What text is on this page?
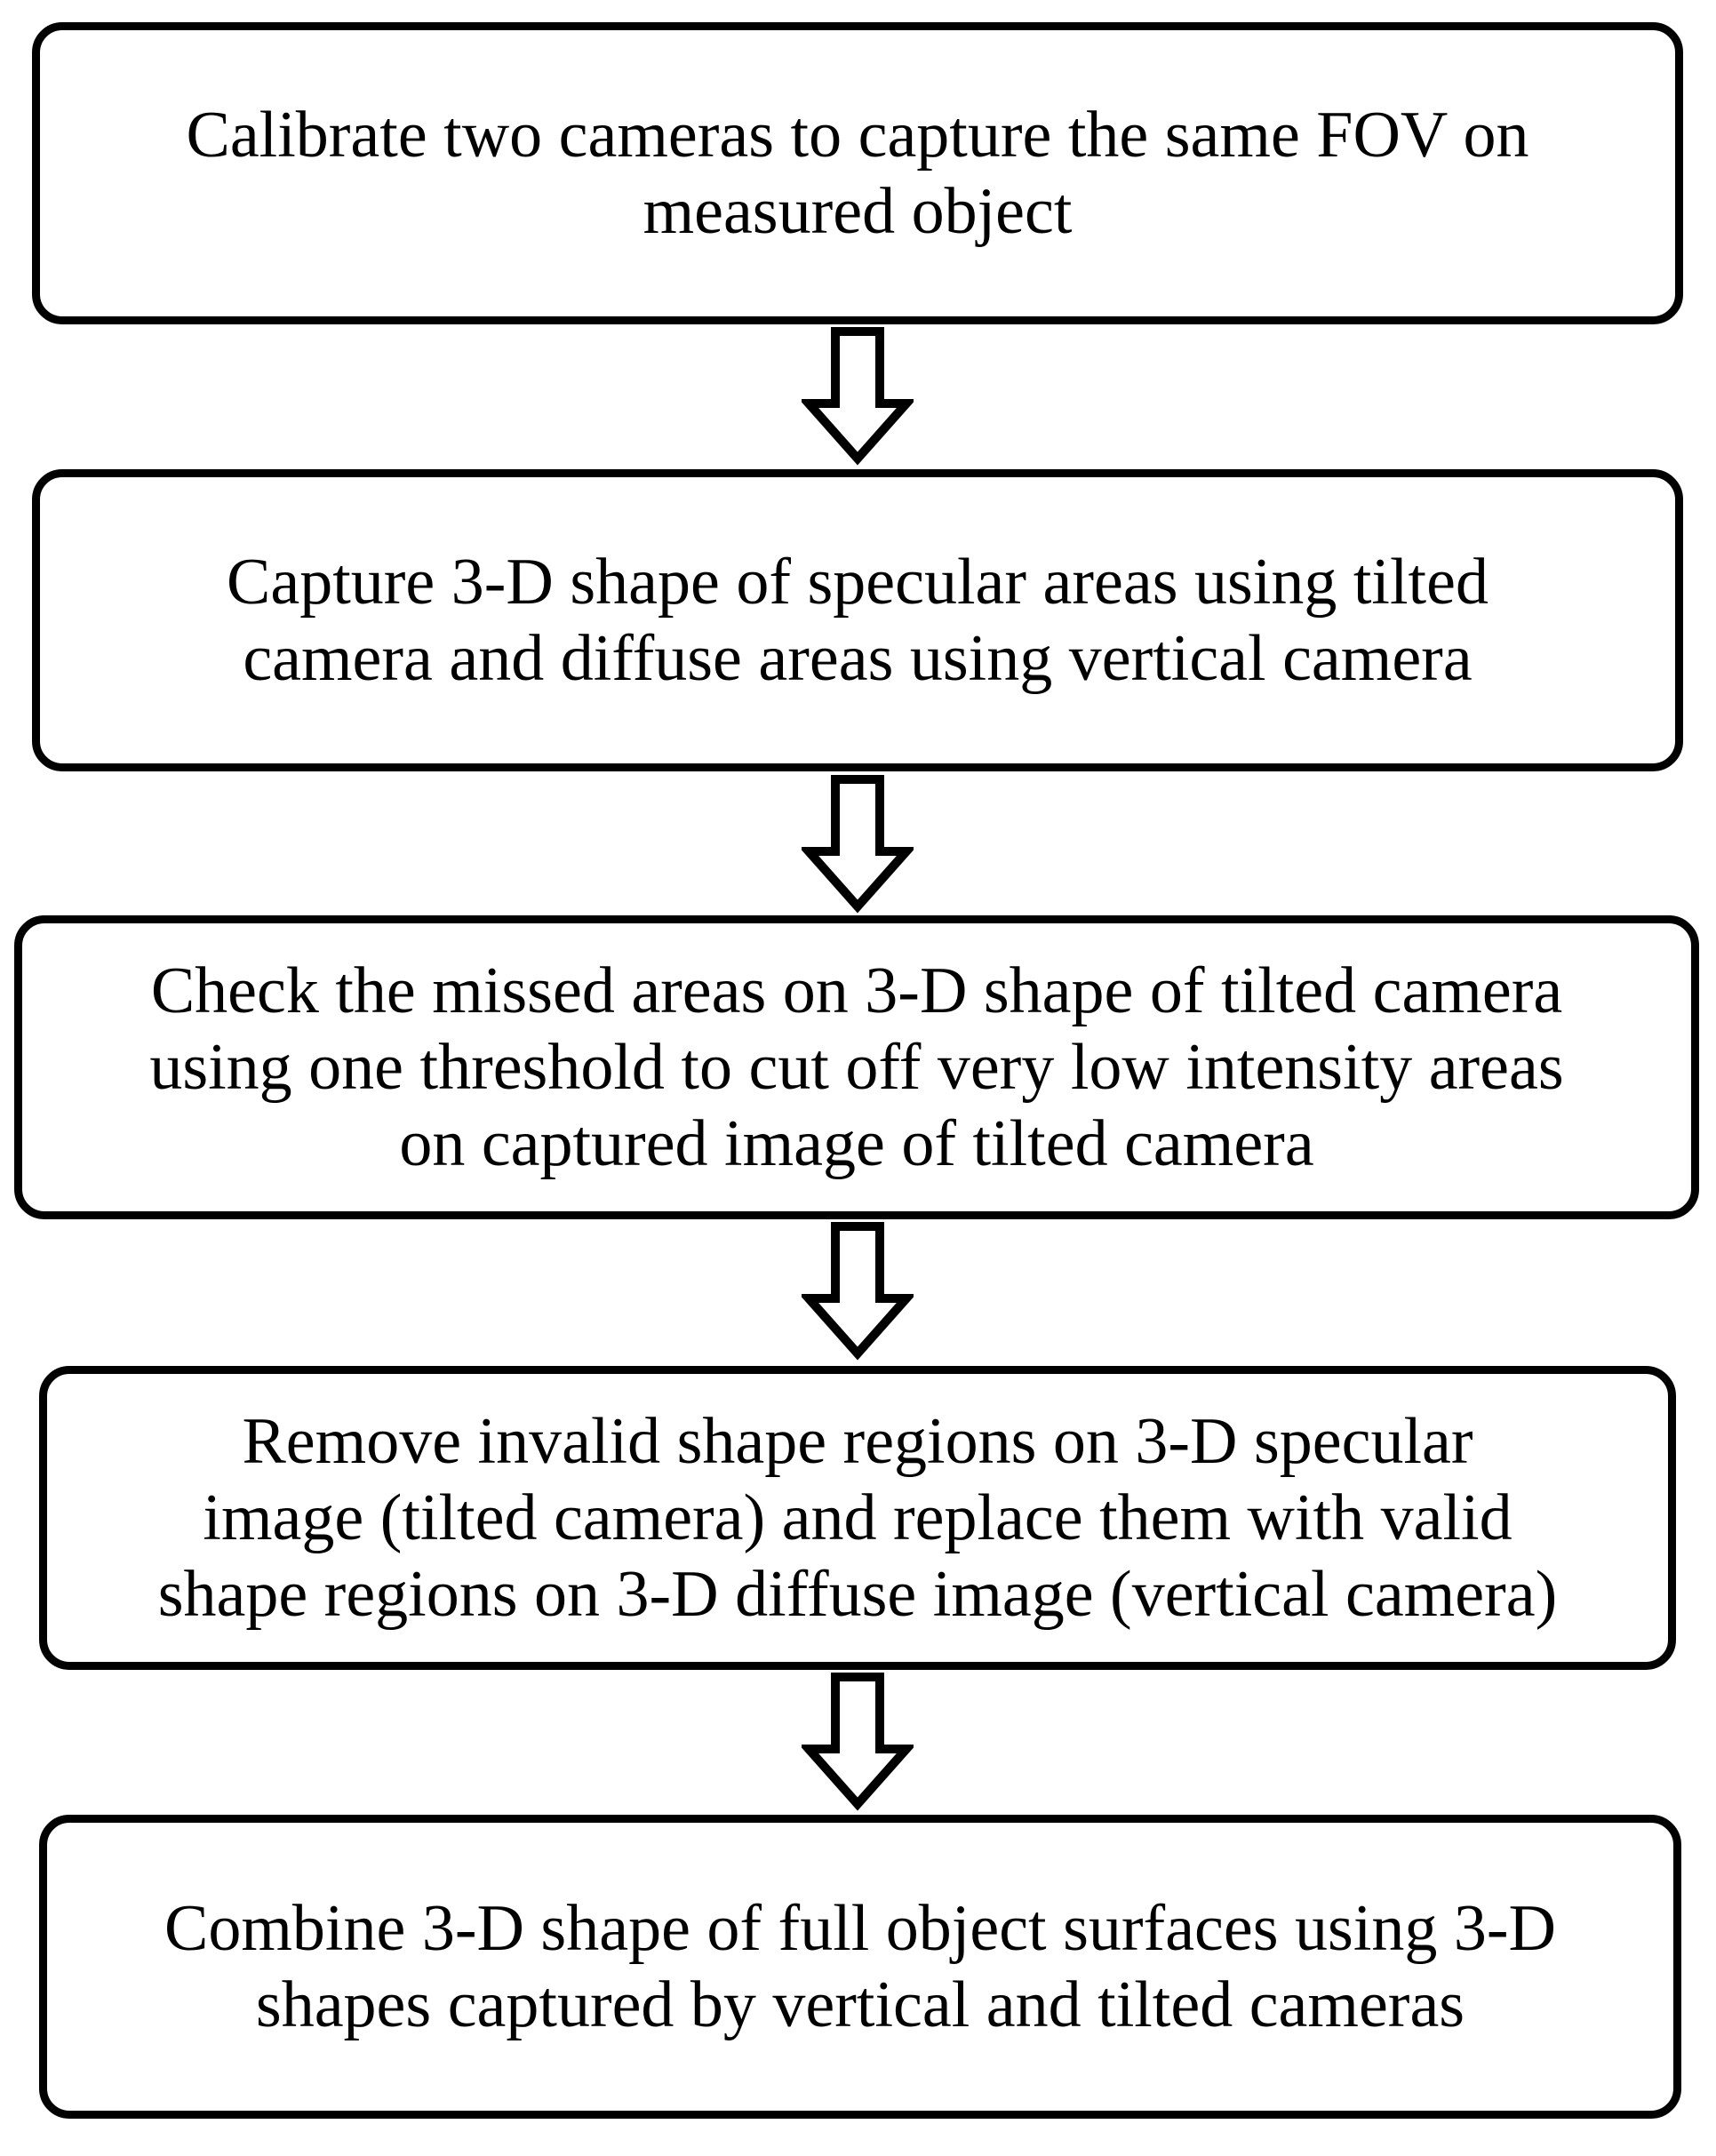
Calibrate two cameras to capture the same FOV on
measured object
Capture 3-D shape of specular areas using tilted
camera and diffuse areas using vertical camera
Check the missed areas on 3-D shape of tilted camera
using one threshold to cut off very low intensity areas
on captured image of tilted camera
Remove invalid shape regions on 3-D specular
image (tilted camera) and replace them with valid
shape regions on 3-D diffuse image (vertical camera)
Combine 3-D shape of full object surfaces using 3-D
shapes captured by vertical and tilted cameras
